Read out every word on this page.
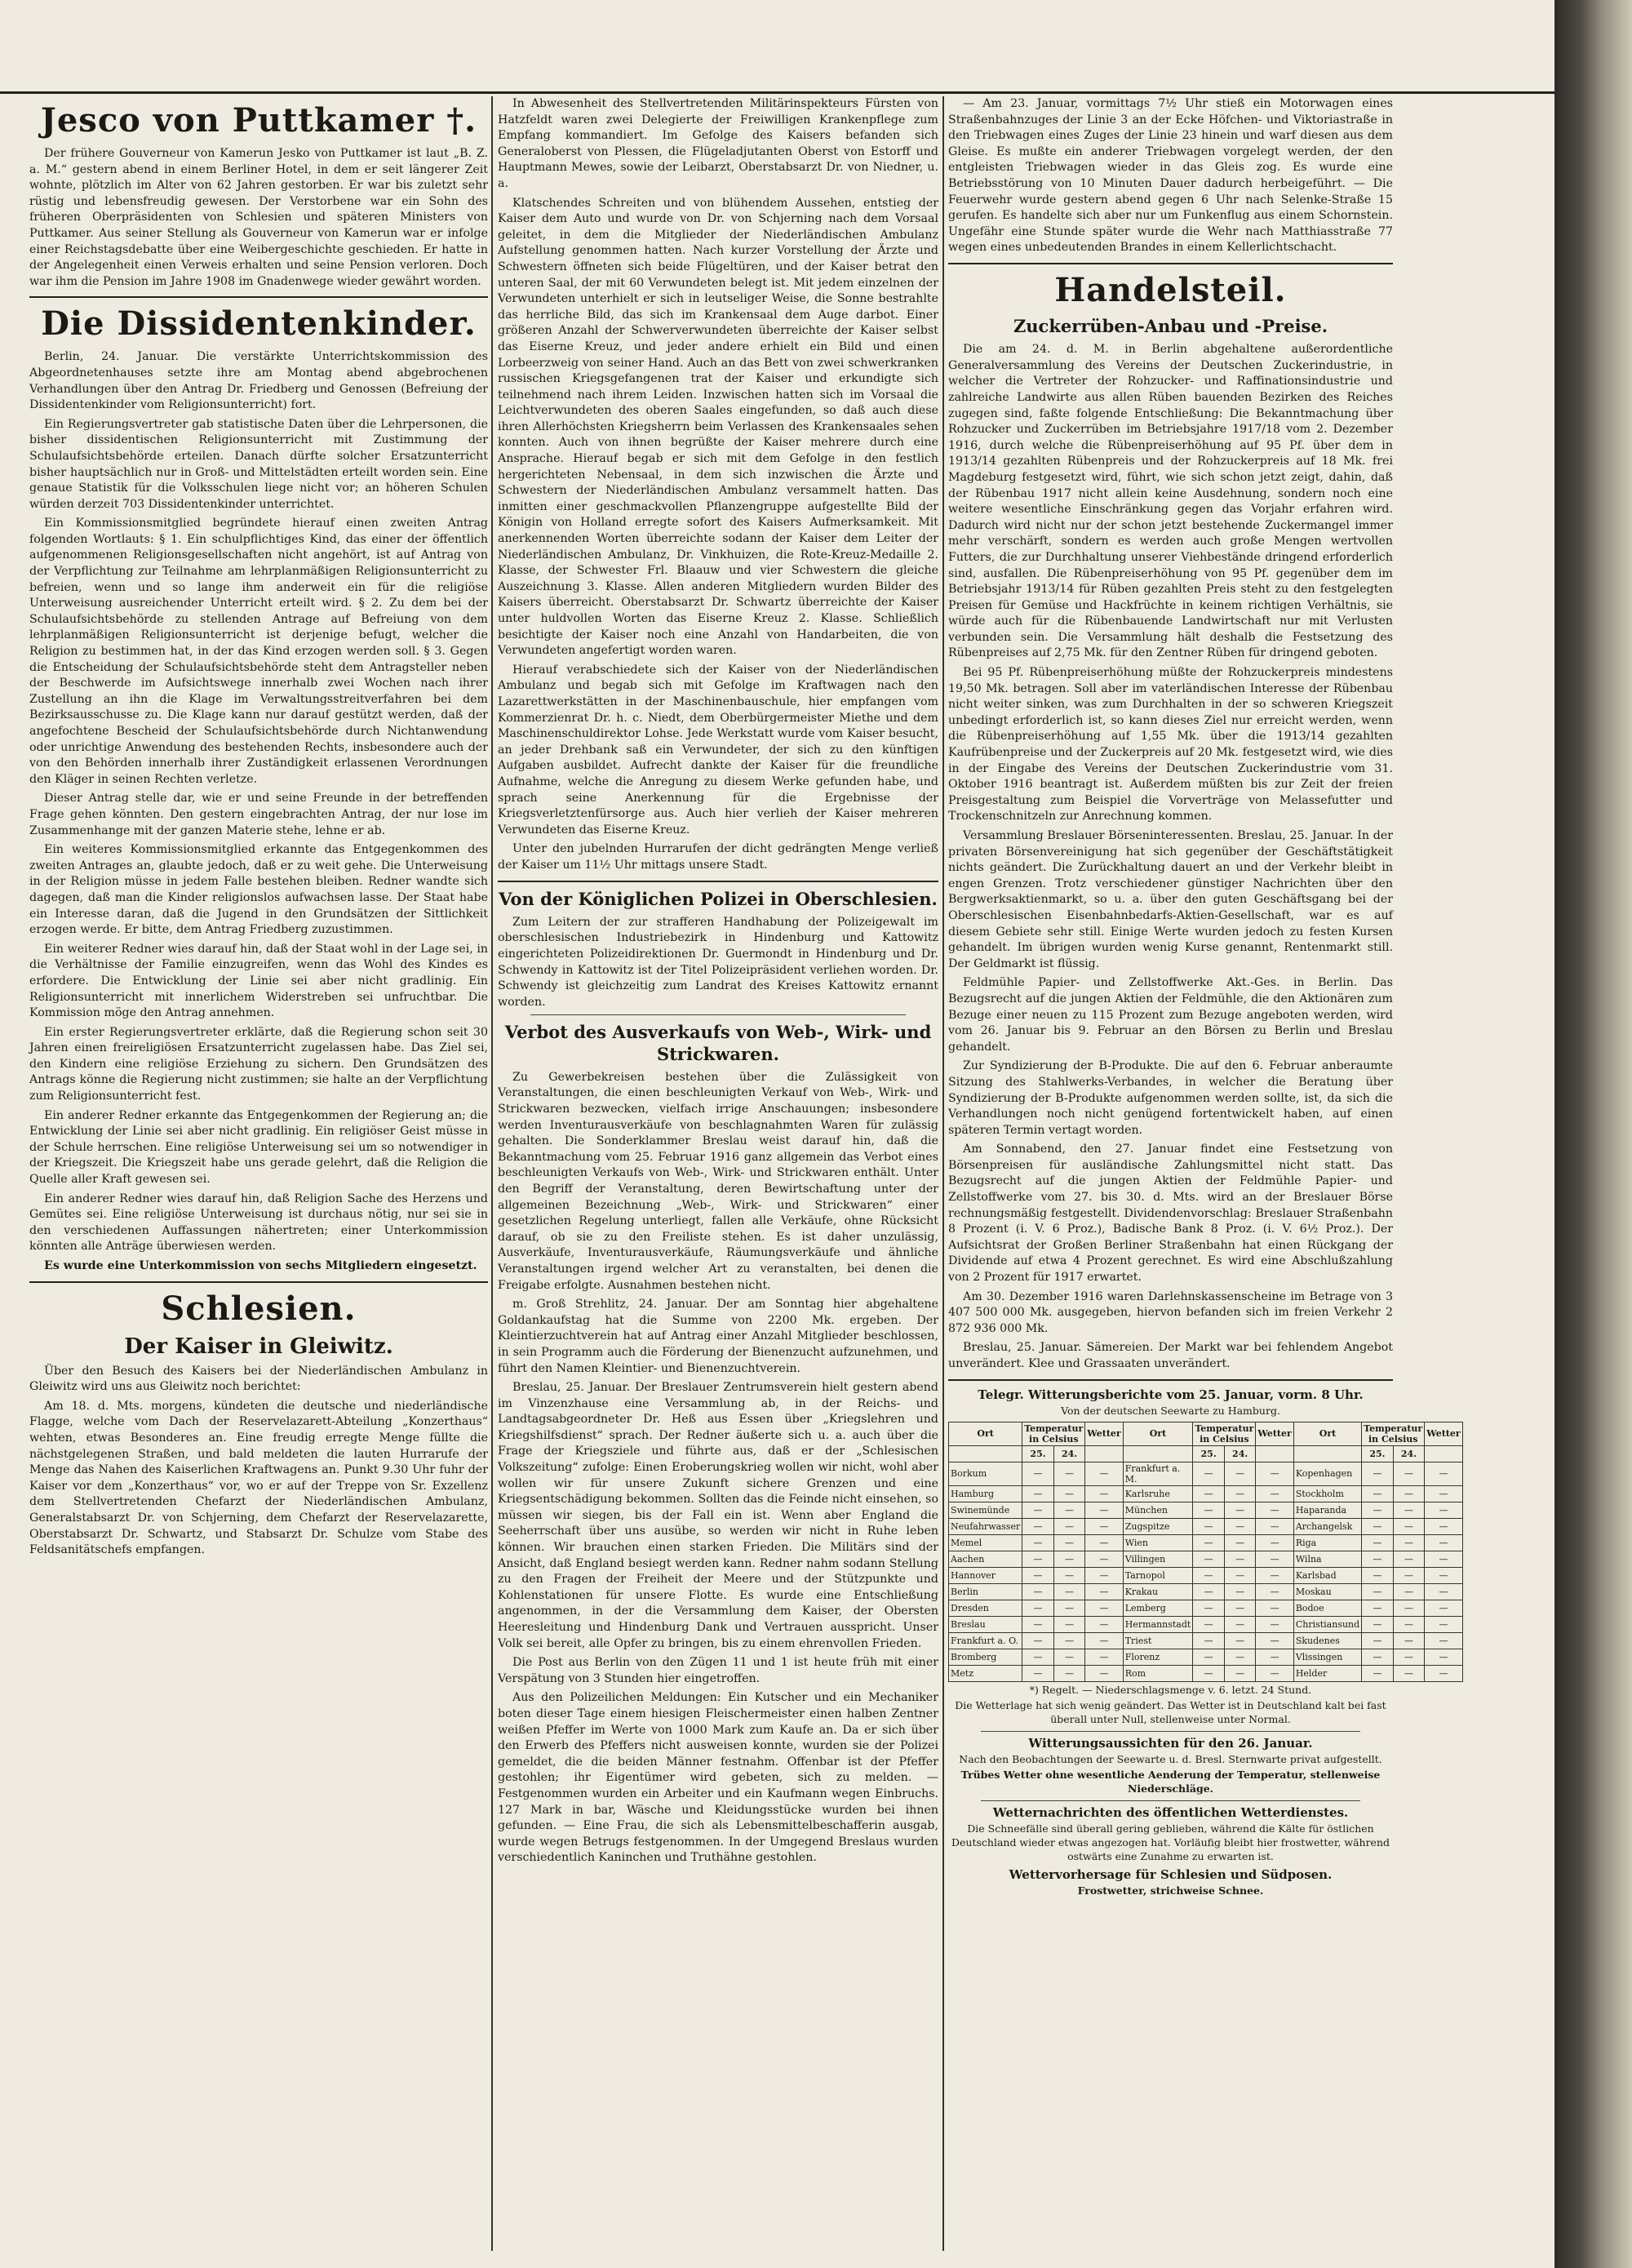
Jesco von Puttkamer †.

Der frühere Gouverneur von Kamerun Jesko von Puttkamer ist laut „B. Z. a. M.“ gestern abend in einem Berliner Hotel, in dem er seit längerer Zeit wohnte, plötzlich im Alter von 62 Jahren gestorben. Er war bis zuletzt sehr rüstig und lebensfreudig gewesen. Der Verstorbene war ein Sohn des früheren Oberpräsidenten von Schlesien und späteren Ministers von Puttkamer. Aus seiner Stellung als Gouverneur von Kamerun war er infolge einer Reichstagsdebatte über eine Weibergeschichte geschieden. Er hatte in der Angelegenheit einen Verweis erhalten und seine Pension verloren. Doch war ihm die Pension im Jahre 1908 im Gnadenwege wieder gewährt worden.

Die Dissidentenkinder.

Berlin, 24. Januar. Die verstärkte Unterrichtskommission des Abgeordnetenhauses setzte ihre am Montag abend abgebrochenen Verhandlungen über den Antrag Dr. Friedberg und Genossen (Befreiung der Dissidentenkinder vom Religionsunterricht) fort.

Ein Regierungsvertreter gab statistische Daten über die Lehrpersonen, die bisher dissidentischen Religionsunterricht mit Zustimmung der Schulaufsichtsbehörde erteilen. Danach dürfte solcher Ersatzunterricht bisher hauptsächlich nur in Groß- und Mittelstädten erteilt worden sein. Eine genaue Statistik für die Volksschulen liege nicht vor; an höheren Schulen würden derzeit 703 Dissidentenkinder unterrichtet.

Ein Kommissionsmitglied begründete hierauf einen zweiten Antrag folgenden Wortlauts: § 1. Ein schulpflichtiges Kind, das einer der öffentlich aufgenommenen Religionsgesellschaften nicht angehört, ist auf Antrag von der Verpflichtung zur Teilnahme am lehrplanmäßigen Religionsunterricht zu befreien, wenn und so lange ihm anderweit ein für die religiöse Unterweisung ausreichender Unterricht erteilt wird. § 2. Zu dem bei der Schulaufsichtsbehörde zu stellenden Antrage auf Befreiung von dem lehrplanmäßigen Religionsunterricht ist derjenige befugt, welcher die Religion zu bestimmen hat, in der das Kind erzogen werden soll. § 3. Gegen die Entscheidung der Schulaufsichtsbehörde steht dem Antragsteller neben der Beschwerde im Aufsichtswege innerhalb zwei Wochen nach ihrer Zustellung an ihn die Klage im Verwaltungsstreitverfahren bei dem Bezirksausschusse zu. Die Klage kann nur darauf gestützt werden, daß der angefochtene Bescheid der Schulaufsichtsbehörde durch Nichtanwendung oder unrichtige Anwendung des bestehenden Rechts, insbesondere auch der von den Behörden innerhalb ihrer Zuständigkeit erlassenen Verordnungen den Kläger in seinen Rechten verletze.

Dieser Antrag stelle dar, wie er und seine Freunde in der betreffenden Frage gehen könnten. Den gestern eingebrachten Antrag, der nur lose im Zusammenhange mit der ganzen Materie stehe, lehne er ab.

Ein weiteres Kommissionsmitglied erkannte das Entgegenkommen des zweiten Antrages an, glaubte jedoch, daß er zu weit gehe. Die Unterweisung in der Religion müsse in jedem Falle bestehen bleiben. Redner wandte sich dagegen, daß man die Kinder religionslos aufwachsen lasse. Der Staat habe ein Interesse daran, daß die Jugend in den Grundsätzen der Sittlichkeit erzogen werde. Er bitte, dem Antrag Friedberg zuzustimmen.

Ein weiterer Redner wies darauf hin, daß der Staat wohl in der Lage sei, in die Verhältnisse der Familie einzugreifen, wenn das Wohl des Kindes es erfordere. Die Entwicklung der Linie sei aber nicht gradlinig. Ein Religionsunterricht mit innerlichem Widerstreben sei unfruchtbar. Die Kommission möge den Antrag annehmen.

Ein erster Regierungsvertreter erklärte, daß die Regierung schon seit 30 Jahren einen freireligiösen Ersatzunterricht zugelassen habe. Das Ziel sei, den Kindern eine religiöse Erziehung zu sichern. Den Grundsätzen des Antrags könne die Regierung nicht zustimmen; sie halte an der Verpflichtung zum Religionsunterricht fest.

Ein anderer Redner erkannte das Entgegenkommen der Regierung an; die Entwicklung der Linie sei aber nicht gradlinig. Ein religiöser Geist müsse in der Schule herrschen. Eine religiöse Unterweisung sei um so notwendiger in der Kriegszeit. Die Kriegszeit habe uns gerade gelehrt, daß die Religion die Quelle aller Kraft gewesen sei.

Ein anderer Redner wies darauf hin, daß Religion Sache des Herzens und Gemütes sei. Eine religiöse Unterweisung ist durchaus nötig, nur sei sie in den verschiedenen Auffassungen nähertreten; einer Unterkommission könnten alle Anträge überwiesen werden.

Es wurde eine Unterkommission von sechs Mitgliedern eingesetzt.

Schlesien.
Der Kaiser in Gleiwitz.

Über den Besuch des Kaisers bei der Niederländischen Ambulanz in Gleiwitz wird uns aus Gleiwitz noch berichtet:

Am 18. d. Mts. morgens, kündeten die deutsche und niederländische Flagge, welche vom Dach der Reservelazarett-Abteilung „Konzerthaus“ wehten, etwas Besonderes an. Eine freudig erregte Menge füllte die nächstgelegenen Straßen, und bald meldeten die lauten Hurrarufe der Menge das Nahen des Kaiserlichen Kraftwagens an. Punkt 9.30 Uhr fuhr der Kaiser vor dem „Konzerthaus“ vor, wo er auf der Treppe von Sr. Exzellenz dem Stellvertretenden Chefarzt der Niederländischen Ambulanz, Generalstabsarzt Dr. von Schjerning, dem Chefarzt der Reservelazarette, Oberstabsarzt Dr. Schwartz, und Stabsarzt Dr. Schulze vom Stabe des Feldsanitätschefs empfangen.

In Abwesenheit des Stellvertretenden Militärinspekteurs Fürsten von Hatzfeldt waren zwei Delegierte der Freiwilligen Krankenpflege zum Empfang kommandiert. Im Gefolge des Kaisers befanden sich Generaloberst von Plessen, die Flügeladjutanten Oberst von Estorff und Hauptmann Mewes, sowie der Leibarzt, Oberstabsarzt Dr. von Niedner, u. a.

Klatschendes Schreiten und von blühendem Aussehen, entstieg der Kaiser dem Auto und wurde von Dr. von Schjerning nach dem Vorsaal geleitet, in dem die Mitglieder der Niederländischen Ambulanz Aufstellung genommen hatten. Nach kurzer Vorstellung der Ärzte und Schwestern öffneten sich beide Flügeltüren, und der Kaiser betrat den unteren Saal, der mit 60 Verwundeten belegt ist. Mit jedem einzelnen der Verwundeten unterhielt er sich in leutseliger Weise, die Sonne bestrahlte das herrliche Bild, das sich im Krankensaal dem Auge darbot. Einer größeren Anzahl der Schwerverwundeten überreichte der Kaiser selbst das Eiserne Kreuz, und jeder andere erhielt ein Bild und einen Lorbeerzweig von seiner Hand. Auch an das Bett von zwei schwerkranken russischen Kriegsgefangenen trat der Kaiser und erkundigte sich teilnehmend nach ihrem Leiden. Inzwischen hatten sich im Vorsaal die Leichtverwundeten des oberen Saales eingefunden, so daß auch diese ihren Allerhöchsten Kriegsherrn beim Verlassen des Krankensaales sehen konnten. Auch von ihnen begrüßte der Kaiser mehrere durch eine Ansprache. Hierauf begab er sich mit dem Gefolge in den festlich hergerichteten Nebensaal, in dem sich inzwischen die Ärzte und Schwestern der Niederländischen Ambulanz versammelt hatten. Das inmitten einer geschmackvollen Pflanzengruppe aufgestellte Bild der Königin von Holland erregte sofort des Kaisers Aufmerksamkeit. Mit anerkennenden Worten überreichte sodann der Kaiser dem Leiter der Niederländischen Ambulanz, Dr. Vinkhuizen, die Rote-Kreuz-Medaille 2. Klasse, der Schwester Frl. Blaauw und vier Schwestern die gleiche Auszeichnung 3. Klasse. Allen anderen Mitgliedern wurden Bilder des Kaisers überreicht. Oberstabsarzt Dr. Schwartz überreichte der Kaiser unter huldvollen Worten das Eiserne Kreuz 2. Klasse. Schließlich besichtigte der Kaiser noch eine Anzahl von Handarbeiten, die von Verwundeten angefertigt worden waren.

Hierauf verabschiedete sich der Kaiser von der Niederländischen Ambulanz und begab sich mit Gefolge im Kraftwagen nach den Lazarettwerkstätten in der Maschinenbauschule, hier empfangen vom Kommerzienrat Dr. h. c. Niedt, dem Oberbürgermeister Miethe und dem Maschinenschuldirektor Lohse. Jede Werkstatt wurde vom Kaiser besucht, an jeder Drehbank saß ein Verwundeter, der sich zu den künftigen Aufgaben ausbildet. Aufrecht dankte der Kaiser für die freundliche Aufnahme, welche die Anregung zu diesem Werke gefunden habe, und sprach seine Anerkennung für die Ergebnisse der Kriegsverletztenfürsorge aus. Auch hier verlieh der Kaiser mehreren Verwundeten das Eiserne Kreuz.

Unter den jubelnden Hurrarufen der dicht gedrängten Menge verließ der Kaiser um 11½ Uhr mittags unsere Stadt.

Von der Königlichen Polizei in Oberschlesien.

Zum Leitern der zur strafferen Handhabung der Polizeigewalt im oberschlesischen Industriebezirk in Hindenburg und Kattowitz eingerichteten Polizeidirektionen Dr. Guermondt in Hindenburg und Dr. Schwendy in Kattowitz ist der Titel Polizeipräsident verliehen worden. Dr. Schwendy ist gleichzeitig zum Landrat des Kreises Kattowitz ernannt worden.

Verbot des Ausverkaufs von Web-, Wirk- und Strickwaren.

Zu Gewerbekreisen bestehen über die Zulässigkeit von Veranstaltungen, die einen beschleunigten Verkauf von Web-, Wirk- und Strickwaren bezwecken, vielfach irrige Anschauungen; insbesondere werden Inventurausverkäufe von beschlagnahmten Waren für zulässig gehalten. Die Sonderklammer Breslau weist darauf hin, daß die Bekanntmachung vom 25. Februar 1916 ganz allgemein das Verbot eines beschleunigten Verkaufs von Web-, Wirk- und Strickwaren enthält. Unter den Begriff der Veranstaltung, deren Bewirtschaftung unter der allgemeinen Bezeichnung „Web-, Wirk- und Strickwaren“ einer gesetzlichen Regelung unterliegt, fallen alle Verkäufe, ohne Rücksicht darauf, ob sie zu den Freiliste stehen. Es ist daher unzulässig, Ausverkäufe, Inventurausverkäufe, Räumungsverkäufe und ähnliche Veranstaltungen irgend welcher Art zu veranstalten, bei denen die Freigabe erfolgte. Ausnahmen bestehen nicht.

m. Groß Strehlitz, 24. Januar. Der am Sonntag hier abgehaltene Goldankaufstag hat die Summe von 2200 Mk. ergeben. Der Kleintierzuchtverein hat auf Antrag einer Anzahl Mitglieder beschlossen, in sein Programm auch die Förderung der Bienenzucht aufzunehmen, und führt den Namen Kleintier- und Bienenzuchtverein.

Breslau, 25. Januar. Der Breslauer Zentrumsverein hielt gestern abend im Vinzenzhause eine Versammlung ab, in der Reichs- und Landtagsabgeordneter Dr. Heß aus Essen über „Kriegslehren und Kriegshilfsdienst“ sprach. Der Redner äußerte sich u. a. auch über die Frage der Kriegsziele und führte aus, daß er der „Schlesischen Volkszeitung“ zufolge: Einen Eroberungskrieg wollen wir nicht, wohl aber wollen wir für unsere Zukunft sichere Grenzen und eine Kriegsentschädigung bekommen. Sollten das die Feinde nicht einsehen, so müssen wir siegen, bis der Fall ein ist. Wenn aber England die Seeherrschaft über uns ausübe, so werden wir nicht in Ruhe leben können. Wir brauchen einen starken Frieden. Die Militärs sind der Ansicht, daß England besiegt werden kann. Redner nahm sodann Stellung zu den Fragen der Freiheit der Meere und der Stützpunkte und Kohlenstationen für unsere Flotte. Es wurde eine Entschließung angenommen, in der die Versammlung dem Kaiser, der Obersten Heeresleitung und Hindenburg Dank und Vertrauen ausspricht. Unser Volk sei bereit, alle Opfer zu bringen, bis zu einem ehrenvollen Frieden.

Die Post aus Berlin von den Zügen 11 und 1 ist heute früh mit einer Verspätung von 3 Stunden hier eingetroffen.

Aus den Polizeilichen Meldungen: Ein Kutscher und ein Mechaniker boten dieser Tage einem hiesigen Fleischermeister einen halben Zentner weißen Pfeffer im Werte von 1000 Mark zum Kaufe an. Da er sich über den Erwerb des Pfeffers nicht ausweisen konnte, wurden sie der Polizei gemeldet, die die beiden Männer festnahm. Offenbar ist der Pfeffer gestohlen; ihr Eigentümer wird gebeten, sich zu melden. — Festgenommen wurden ein Arbeiter und ein Kaufmann wegen Einbruchs. 127 Mark in bar, Wäsche und Kleidungsstücke wurden bei ihnen gefunden. — Eine Frau, die sich als Lebensmittelbeschafferin ausgab, wurde wegen Betrugs festgenommen. In der Umgegend Breslaus wurden verschiedentlich Kaninchen und Truthähne gestohlen.

— Am 23. Januar, vormittags 7½ Uhr stieß ein Motorwagen eines Straßenbahnzuges der Linie 3 an der Ecke Höfchen- und Viktoriastraße in den Triebwagen eines Zuges der Linie 23 hinein und warf diesen aus dem Gleise. Es mußte ein anderer Triebwagen vorgelegt werden, der den entgleisten Triebwagen wieder in das Gleis zog. Es wurde eine Betriebsstörung von 10 Minuten Dauer dadurch herbeigeführt. — Die Feuerwehr wurde gestern abend gegen 6 Uhr nach Selenke-Straße 15 gerufen. Es handelte sich aber nur um Funkenflug aus einem Schornstein. Ungefähr eine Stunde später wurde die Wehr nach Matthiasstraße 77 wegen eines unbedeutenden Brandes in einem Kellerlichtschacht.

Handelsteil.
Zuckerrüben-Anbau und -Preise.

Die am 24. d. M. in Berlin abgehaltene außerordentliche Generalversammlung des Vereins der Deutschen Zuckerindustrie, in welcher die Vertreter der Rohzucker- und Raffinationsindustrie und zahlreiche Landwirte aus allen Rüben bauenden Bezirken des Reiches zugegen sind, faßte folgende Entschließung: Die Bekanntmachung über Rohzucker und Zuckerrüben im Betriebsjahre 1917/18 vom 2. Dezember 1916, durch welche die Rübenpreiserhöhung auf 95 Pf. über dem in 1913/14 gezahlten Rübenpreis und der Rohzuckerpreis auf 18 Mk. frei Magdeburg festgesetzt wird, führt, wie sich schon jetzt zeigt, dahin, daß der Rübenbau 1917 nicht allein keine Ausdehnung, sondern noch eine weitere wesentliche Einschränkung gegen das Vorjahr erfahren wird. Dadurch wird nicht nur der schon jetzt bestehende Zuckermangel immer mehr verschärft, sondern es werden auch große Mengen wertvollen Futters, die zur Durchhaltung unserer Viehbestände dringend erforderlich sind, ausfallen. Die Rübenpreiserhöhung von 95 Pf. gegenüber dem im Betriebsjahr 1913/14 für Rüben gezahlten Preis steht zu den festgelegten Preisen für Gemüse und Hackfrüchte in keinem richtigen Verhältnis, sie würde auch für die Rübenbauende Landwirtschaft nur mit Verlusten verbunden sein. Die Versammlung hält deshalb die Festsetzung des Rübenpreises auf 2,75 Mk. für den Zentner Rüben für dringend geboten.

Bei 95 Pf. Rübenpreiserhöhung müßte der Rohzuckerpreis mindestens 19,50 Mk. betragen. Soll aber im vaterländischen Interesse der Rübenbau nicht weiter sinken, was zum Durchhalten in der so schweren Kriegszeit unbedingt erforderlich ist, so kann dieses Ziel nur erreicht werden, wenn die Rübenpreiserhöhung auf 1,55 Mk. über die 1913/14 gezahlten Kaufrübenpreise und der Zuckerpreis auf 20 Mk. festgesetzt wird, wie dies in der Eingabe des Vereins der Deutschen Zuckerindustrie vom 31. Oktober 1916 beantragt ist. Außerdem müßten bis zur Zeit der freien Preisgestaltung zum Beispiel die Vorverträge von Melassefutter und Trockenschnitzeln zur Anrechnung kommen.

Versammlung Breslauer Börseninteressenten. Breslau, 25. Januar. In der privaten Börsenvereinigung hat sich gegenüber der Geschäftstätigkeit nichts geändert. Die Zurückhaltung dauert an und der Verkehr bleibt in engen Grenzen. Trotz verschiedener günstiger Nachrichten über den Bergwerksaktienmarkt, so u. a. über den guten Geschäftsgang bei der Oberschlesischen Eisenbahnbedarfs-Aktien-Gesellschaft, war es auf diesem Gebiete sehr still. Einige Werte wurden jedoch zu festen Kursen gehandelt. Im übrigen wurden wenig Kurse genannt, Rentenmarkt still. Der Geldmarkt ist flüssig.

Feldmühle Papier- und Zellstoffwerke Akt.-Ges. in Berlin. Das Bezugsrecht auf die jungen Aktien der Feldmühle, die den Aktionären zum Bezuge einer neuen zu 115 Prozent zum Bezuge angeboten werden, wird vom 26. Januar bis 9. Februar an den Börsen zu Berlin und Breslau gehandelt.

Zur Syndizierung der B-Produkte. Die auf den 6. Februar anberaumte Sitzung des Stahlwerks-Verbandes, in welcher die Beratung über Syndizierung der B-Produkte aufgenommen werden sollte, ist, da sich die Verhandlungen noch nicht genügend fortentwickelt haben, auf einen späteren Termin vertagt worden.

Am Sonnabend, den 27. Januar findet eine Festsetzung von Börsenpreisen für ausländische Zahlungsmittel nicht statt. Das Bezugsrecht auf die jungen Aktien der Feldmühle Papier- und Zellstoffwerke vom 27. bis 30. d. Mts. wird an der Breslauer Börse rechnungsmäßig festgestellt. Dividendenvorschlag: Breslauer Straßenbahn 8 Prozent (i. V. 6 Proz.), Badische Bank 8 Proz. (i. V. 6½ Proz.). Der Aufsichtsrat der Großen Berliner Straßenbahn hat einen Rückgang der Dividende auf etwa 4 Prozent gerechnet. Es wird eine Abschlußzahlung von 2 Prozent für 1917 erwartet.

Am 30. Dezember 1916 waren Darlehnskassenscheine im Betrage von 3 407 500 000 Mk. ausgegeben, hiervon befanden sich im freien Verkehr 2 872 936 000 Mk.

Breslau, 25. Januar. Sämereien. Der Markt war bei fehlendem Angebot unverändert. Klee und Grassaaten unverändert.

Telegr. Witterungsberichte vom 25. Januar, vorm. 8 Uhr.
Von der deutschen Seewarte zu Hamburg.
Ort	Temperatur in Celsius		Wetter	Ort	Temperatur in Celsius		Wetter	Ort	Temperatur in Celsius		Wetter
	25.	24.			25.	24.			25.	24.	
Borkum	—	—	—	Frankfurt a. M.	—	—	—	Kopenhagen	—	—	—
Hamburg	—	—	—	Karlsruhe	—	—	—	Stockholm	—	—	—
Swinemünde	—	—	—	München	—	—	—	Haparanda	—	—	—
Neufahrwasser	—	—	—	Zugspitze	—	—	—	Archangelsk	—	—	—
Memel	—	—	—	Wien	—	—	—	Riga	—	—	—
Aachen	—	—	—	Villingen	—	—	—	Wilna	—	—	—
Hannover	—	—	—	Tarnopol	—	—	—	Karlsbad	—	—	—
Berlin	—	—	—	Krakau	—	—	—	Moskau	—	—	—
Dresden	—	—	—	Lemberg	—	—	—	Bodoe	—	—	—
Breslau	—	—	—	Hermannstadt	—	—	—	Christiansund	—	—	—
Frankfurt a. O.	—	—	—	Triest	—	—	—	Skudenes	—	—	—
Bromberg	—	—	—	Florenz	—	—	—	Vlissingen	—	—	—
Metz	—	—	—	Rom	—	—	—	Helder	—	—	—
*) Regelt. — Niederschlagsmenge v. 6. letzt. 24 Stund.
Die Wetterlage hat sich wenig geändert. Das Wetter ist in Deutschland kalt bei fast überall unter Null, stellenweise unter Normal.
Witterungsaussichten für den 26. Januar.
Nach den Beobachtungen der Seewarte u. d. Bresl. Sternwarte privat aufgestellt.
Trübes Wetter ohne wesentliche Aenderung der Temperatur, stellenweise Niederschläge.
Wetternachrichten des öffentlichen Wetterdienstes.
Die Schneefälle sind überall gering geblieben, während die Kälte für östlichen Deutschland wieder etwas angezogen hat. Vorläufig bleibt hier frostwetter, während ostwärts eine Zunahme zu erwarten ist.
Wettervorhersage für Schlesien und Südposen.
Frostwetter, strichweise Schnee.
